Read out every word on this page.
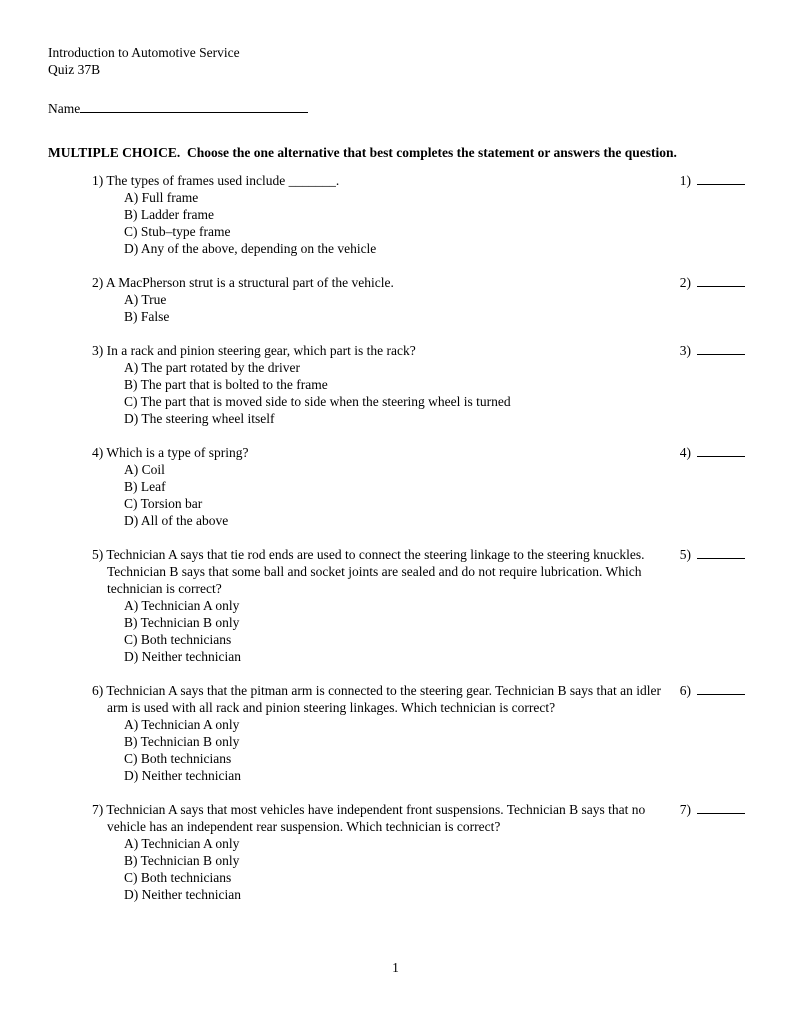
Introduction to Automotive Service
Quiz 37B
Name
MULTIPLE CHOICE.  Choose the one alternative that best completes the statement or answers the question.
1) The types of frames used include _______.
A) Full frame
B) Ladder frame
C) Stub–type frame
D) Any of the above, depending on the vehicle
1)
2) A MacPherson strut is a structural part of the vehicle.
A) True
B) False
2)
3) In a rack and pinion steering gear, which part is the rack?
A) The part rotated by the driver
B) The part that is bolted to the frame
C) The part that is moved side to side when the steering wheel is turned
D) The steering wheel itself
3)
4) Which is a type of spring?
A) Coil
B) Leaf
C) Torsion bar
D) All of the above
4)
5) Technician A says that tie rod ends are used to connect the steering linkage to the steering knuckles. Technician B says that some ball and socket joints are sealed and do not require lubrication. Which technician is correct?
A) Technician A only
B) Technician B only
C) Both technicians
D) Neither technician
5)
6) Technician A says that the pitman arm is connected to the steering gear. Technician B says that an idler arm is used with all rack and pinion steering linkages. Which technician is correct?
A) Technician A only
B) Technician B only
C) Both technicians
D) Neither technician
6)
7) Technician A says that most vehicles have independent front suspensions. Technician B says that no vehicle has an independent rear suspension. Which technician is correct?
A) Technician A only
B) Technician B only
C) Both technicians
D) Neither technician
7)
1
